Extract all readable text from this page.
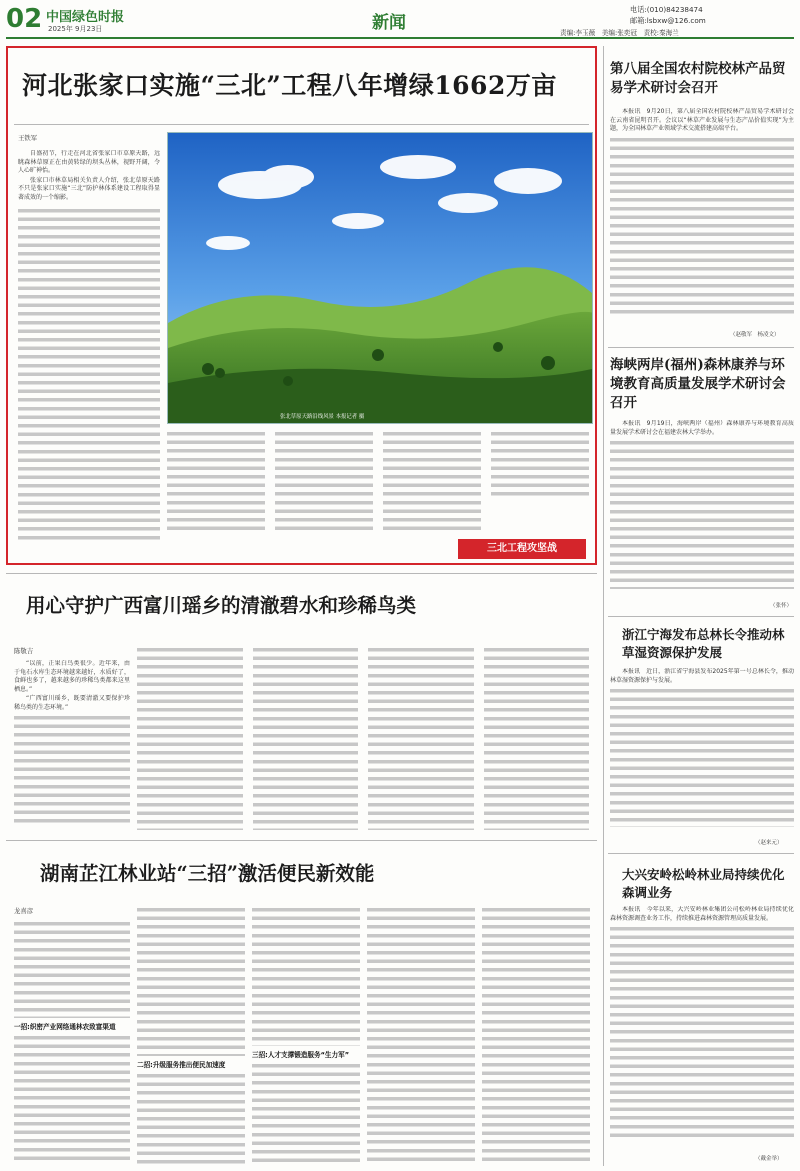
02 中国绿色时报
2025年 9月23日	新闻
电话:(010)84238474
邮箱:lsbxw@126.com
责编:李玉薇　美编:张奕冠　责校:秦海兰
河北张家口实施“三北”工程八年增绿1662万亩
王铁军

自盛初节，行走在河北省张家口市草原天路，远眺森林草原正在由黄转绿的坝头丛林，视野开阔，令人心旷神怡。

张家口市林草局相关负责人介绍，张北草原天路不只是张家口实施“三北”防护林体系建设工程取得显著成效的一个缩影。

张北草原天路沿线风景 本报记者 摄
三北工程攻坚战
用心守护广西富川瑶乡的清澈碧水和珍稀鸟类
陈敬吉

“以前，正果白鸟类很少。近年来，由于龟石水库生态环境越来越好，水质好了，食鲜也多了，越来越多的珍稀鸟类都来这里栖息。”

“广西富川瑶乡，既要清澈又要保护珍稀鸟类的生态环境。”

湖南芷江林业站“三招”激活便民新效能
龙喜彦
一招:织密产业网络通林农致富渠道
二招:升级服务推出便民加速度
三招:人才支撑锻造服务“生力军”
第八届全国农村院校林产品贸易学术研讨会召开
本报讯　9月20日，第八届全国农村院校林产品贸易学术研讨会在云南省昆明召开。会议以“林草产业发展与生态产品价值实现”为主题，为全国林草产业领域学术交流搭建高端平台。
（赵敬军　杨凌文）
海峡两岸(福州)森林康养与环境教育高质量发展学术研讨会召开
本报讯　9月19日，海峡两岸（福州）森林康养与环境教育高质量发展学术研讨会在福建农林大学举办。
（张怀）
浙江宁海发布总林长令推动林草湿资源保护发展
本报讯　近日，浙江省宁海县发布2025年第一号总林长令，推动林草湿资源保护与发展。
（赵来元）
大兴安岭松岭林业局持续优化森调业务
本报讯　今年以来，大兴安岭林业集团公司松岭林业局持续优化森林资源调查业务工作，持续推进森林资源管理高质量发展。
（戴金举）
